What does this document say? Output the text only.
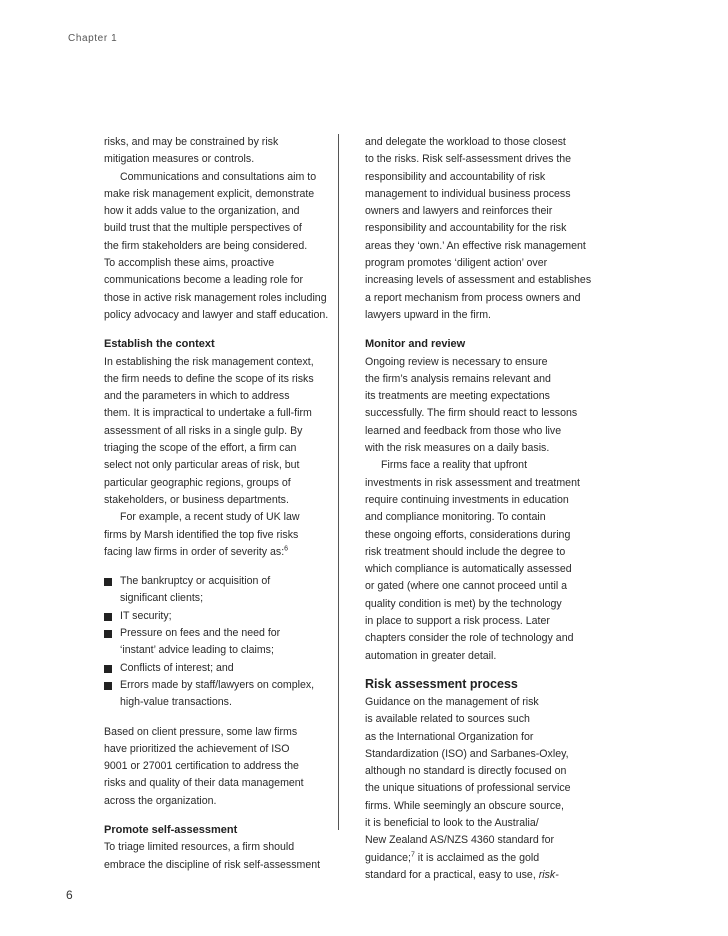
Chapter 1
risks, and may be constrained by risk
mitigation measures or controls.
Communications and consultations aim to
make risk management explicit, demonstrate
how it adds value to the organization, and
build trust that the multiple perspectives of
the firm stakeholders are being considered.
To accomplish these aims, proactive
communications become a leading role for
those in active risk management roles including
policy advocacy and lawyer and staff education.
Establish the context
In establishing the risk management context,
the firm needs to define the scope of its risks
and the parameters in which to address
them. It is impractical to undertake a full-firm
assessment of all risks in a single gulp. By
triaging the scope of the effort, a firm can
select not only particular areas of risk, but
particular geographic regions, groups of
stakeholders, or business departments.
For example, a recent study of UK law
firms by Marsh identified the top five risks
facing law firms in order of severity as:$^6$
The bankruptcy or acquisition of
significant clients;
IT security;
Pressure on fees and the need for
‘instant’ advice leading to claims;
Conflicts of interest; and
Errors made by staff/lawyers on complex,
high-value transactions.
Based on client pressure, some law firms
have prioritized the achievement of ISO
9001 or 27001 certification to address the
risks and quality of their data management
across the organization.
Promote self-assessment
To triage limited resources, a firm should
embrace the discipline of risk self-assessment
and delegate the workload to those closest
to the risks. Risk self-assessment drives the
responsibility and accountability of risk
management to individual business process
owners and lawyers and reinforces their
responsibility and accountability for the risk
areas they ‘own.’ An effective risk management
program promotes ‘diligent action’ over
increasing levels of assessment and establishes
a report mechanism from process owners and
lawyers upward in the firm.
Monitor and review
Ongoing review is necessary to ensure
the firm’s analysis remains relevant and
its treatments are meeting expectations
successfully. The firm should react to lessons
learned and feedback from those who live
with the risk measures on a daily basis.
Firms face a reality that upfront
investments in risk assessment and treatment
require continuing investments in education
and compliance monitoring. To contain
these ongoing efforts, considerations during
risk treatment should include the degree to
which compliance is automatically assessed
or gated (where one cannot proceed until a
quality condition is met) by the technology
in place to support a risk process. Later
chapters consider the role of technology and
automation in greater detail.
Risk assessment process
Guidance on the management of risk
is available related to sources such
as the International Organization for
Standardization (ISO) and Sarbanes-Oxley,
although no standard is directly focused on
the unique situations of professional service
firms. While seemingly an obscure source,
it is beneficial to look to the Australia/
New Zealand AS/NZS 4360 standard for
guidance;$^7$ it is acclaimed as the gold
standard for a practical, easy to use, risk-
6
